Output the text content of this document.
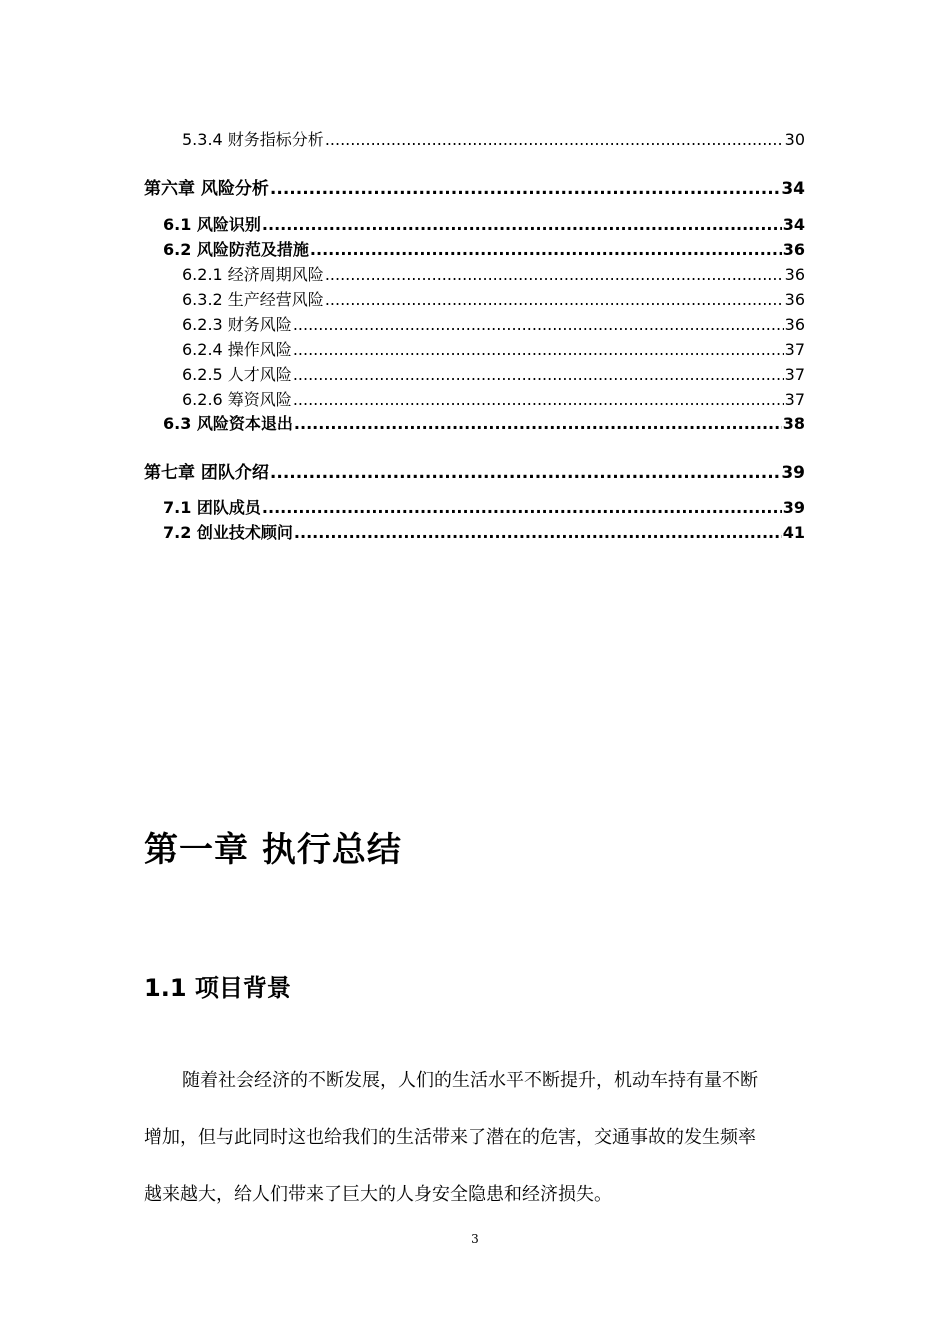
5.3.4 财务指标分析 .....	30
第六章 风险分析 .....	34
6.1 风险识别 .....	34
6.2 风险防范及措施 .....	36
6.2.1 经济周期风险 .....	36
6.3.2 生产经营风险 .....	36
6.2.3 财务风险 .....	36
6.2.4 操作风险 .....	37
6.2.5 人才风险 .....	37
6.2.6 筹资风险 .....	37
6.3 风险资本退出 .....	38
第七章 团队介绍 .....	39
7.1 团队成员 .....	39
7.2 创业技术顾问 .....	41
第一章 执行总结
1.1 项目背景

随着社会经济的不断发展，人们的生活水平不断提升，机动车持有量不断

增加，但与此同时这也给我们的生活带来了潜在的危害，交通事故的发生频率

越来越大，给人们带来了巨大的人身安全隐患和经济损失。

3
